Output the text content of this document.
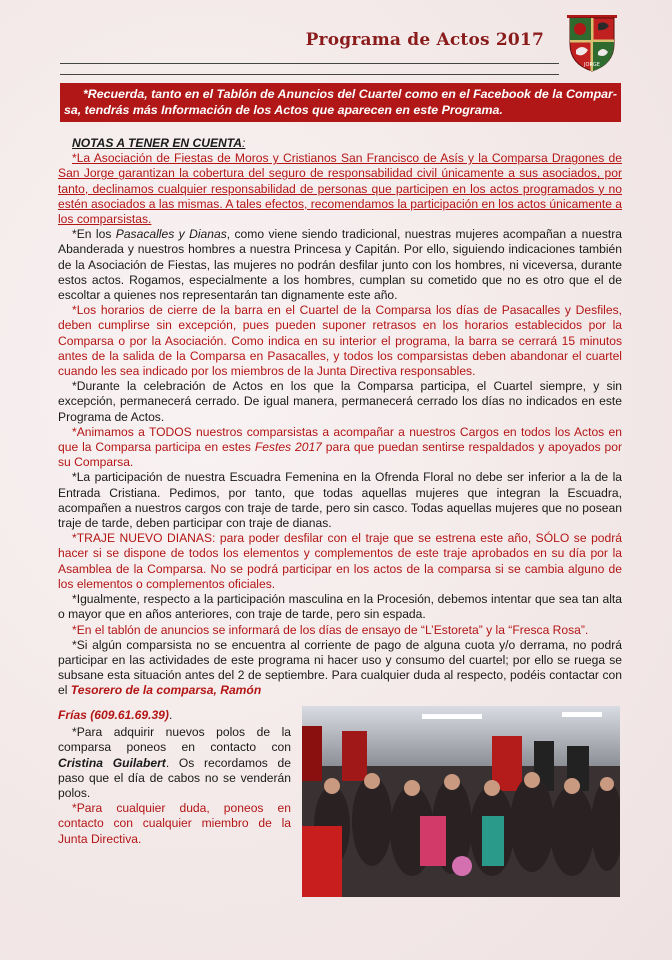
Programa de Actos 2017
JORGE
*Recuerda, tanto en el Tablón de Anuncios del Cuartel como en el Facebook de la Compar-
sa, tendrás más Información de los Actos que aparecen en este Programa.

NOTAS A TENER EN CUENTA:

*La Asociación de Fiestas de Moros y Cristianos San Francisco de Asís y la Comparsa Dragones de San Jorge garantizan la cobertura del seguro de responsabilidad civil únicamente a sus asociados, por tanto, declinamos cualquier responsabilidad de personas que participen en los actos programados y no estén asociados a las mismas. A tales efectos, recomendamos la participación en los actos únicamente a los comparsistas.

*En los Pasacalles y Dianas, como viene siendo tradicional, nuestras mujeres acompañan a nuestra Abanderada y nuestros hombres a nuestra Princesa y Capitán. Por ello, siguiendo indicaciones también de la Asociación de Fiestas, las mujeres no podrán desfilar junto con los hombres, ni viceversa, durante estos actos. Rogamos, especialmente a los hombres, cumplan su cometido que no es otro que el de escoltar a quienes nos representarán tan dignamente este año.

*Los horarios de cierre de la barra en el Cuartel de la Comparsa los días de Pasacalles y Desfiles, deben cumplirse sin excepción, pues pueden suponer retrasos en los horarios establecidos por la Comparsa o por la Asociación. Como indica en su interior el programa, la barra se cerrará 15 minutos antes de la salida de la Comparsa en Pasacalles, y todos los comparsistas deben abandonar el cuartel cuando les sea indicado por los miembros de la Junta Directiva responsables.

*Durante la celebración de Actos en los que la Comparsa participa, el Cuartel siempre, y sin excepción, permanecerá cerrado. De igual manera, permanecerá cerrado los días no indicados en este Programa de Actos.

*Animamos a TODOS nuestros comparsistas a acompañar a nuestros Cargos en todos los Actos en que la Comparsa participa en estes Festes 2017 para que puedan sentirse respaldados y apoyados por su Comparsa.

*La participación de nuestra Escuadra Femenina en la Ofrenda Floral no debe ser inferior a la de la Entrada Cristiana. Pedimos, por tanto, que todas aquellas mujeres que integran la Escuadra, acompañen a nuestros cargos con traje de tarde, pero sin casco. Todas aquellas mujeres que no posean traje de tarde, deben participar con traje de dianas.

*TRAJE NUEVO DIANAS: para poder desfilar con el traje que se estrena este año, SÓLO se podrá hacer si se dispone de todos los elementos y complementos de este traje aprobados en su día por la Asamblea de la Comparsa. No se podrá participar en los actos de la comparsa si se cambia alguno de los elementos o complementos oficiales.

*Igualmente, respecto a la participación masculina en la Procesión, debemos intentar que sea tan alta o mayor que en años anteriores, con traje de tarde, pero sin espada.

*En el tablón de anuncios se informará de los días de ensayo de “L’Estoreta” y la “Fresca Rosa”.

*Si algún comparsista no se encuentra al corriente de pago de alguna cuota y/o derrama, no podrá participar en las actividades de este programa ni hacer uso y consumo del cuartel; por ello se ruega se subsane esta situación antes del 2 de septiembre. Para cualquier duda al respecto, podéis contactar con el Tesorero de la comparsa, Ramón

Frías (609.61.69.39).

*Para adquirir nuevos polos de la comparsa poneos en contacto con Cristina Guilabert. Os recordamos de paso que el día de cabos no se venderán polos.

*Para cualquier duda, poneos en contacto con cualquier miembro de la Junta Directiva.
